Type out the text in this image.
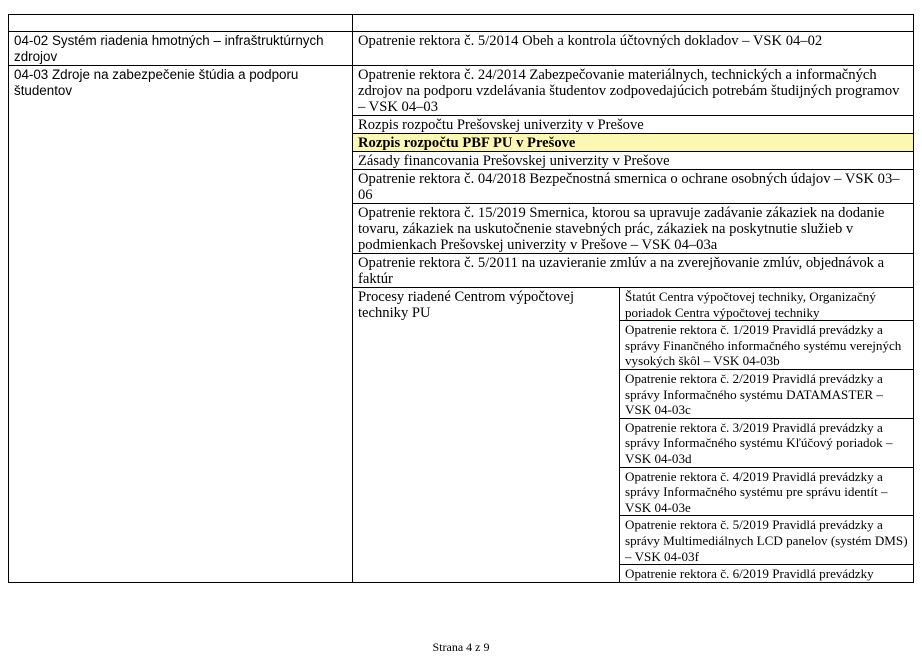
04-02 Systém riadenia hmotných – infraštruktúrnych zdrojov	Opatrenie rektora č. 5/2014 Obeh a kontrola účtovných dokladov – VSK 04–02	
04-03 Zdroje na zabezpečenie štúdia a podporu študentov	Opatrenie rektora č. 24/2014 Zabezpečovanie materiálnych, technických a informačných zdrojov na podporu vzdelávania študentov zodpovedajúcich potrebám študijných programov – VSK 04–03	
	Rozpis rozpočtu Prešovskej univerzity v Prešove	
	Rozpis rozpočtu PBF PU v Prešove	
	Zásady financovania Prešovskej univerzity v Prešove	
	Opatrenie rektora č. 04/2018 Bezpečnostná smernica o ochrane osobných údajov – VSK 03–06	
	Opatrenie rektora č. 15/2019 Smernica, ktorou sa upravuje zadávanie zákaziek na dodanie tovaru, zákaziek na uskutočnenie stavebných prác, zákaziek na poskytnutie služieb v podmienkach Prešovskej univerzity v Prešove – VSK 04–03a	
	Opatrenie rektora č. 5/2011 na uzavieranie zmlúv a na zverejňovanie zmlúv, objednávok a faktúr	
	Procesy riadené Centrom výpočtovej techniky PU	Štatút Centra výpočtovej techniky, Organizačný poriadok Centra výpočtovej techniky
		Opatrenie rektora č. 1/2019 Pravidlá prevádzky a správy Finančného informačného systému verejných vysokých škôl – VSK 04-03b
		Opatrenie rektora č. 2/2019 Pravidlá prevádzky a správy Informačného systému DATAMASTER – VSK 04-03c
		Opatrenie rektora č. 3/2019 Pravidlá prevádzky a správy Informačného systému Kľúčový poriadok – VSK 04-03d
		Opatrenie rektora č. 4/2019 Pravidlá prevádzky a správy Informačného systému pre správu identít – VSK 04-03e
		Opatrenie rektora č. 5/2019 Pravidlá prevádzky a správy Multimediálnych LCD panelov (systém DMS) – VSK 04-03f
		Opatrenie rektora č. 6/2019 Pravidlá prevádzky
Strana 4 z 9
